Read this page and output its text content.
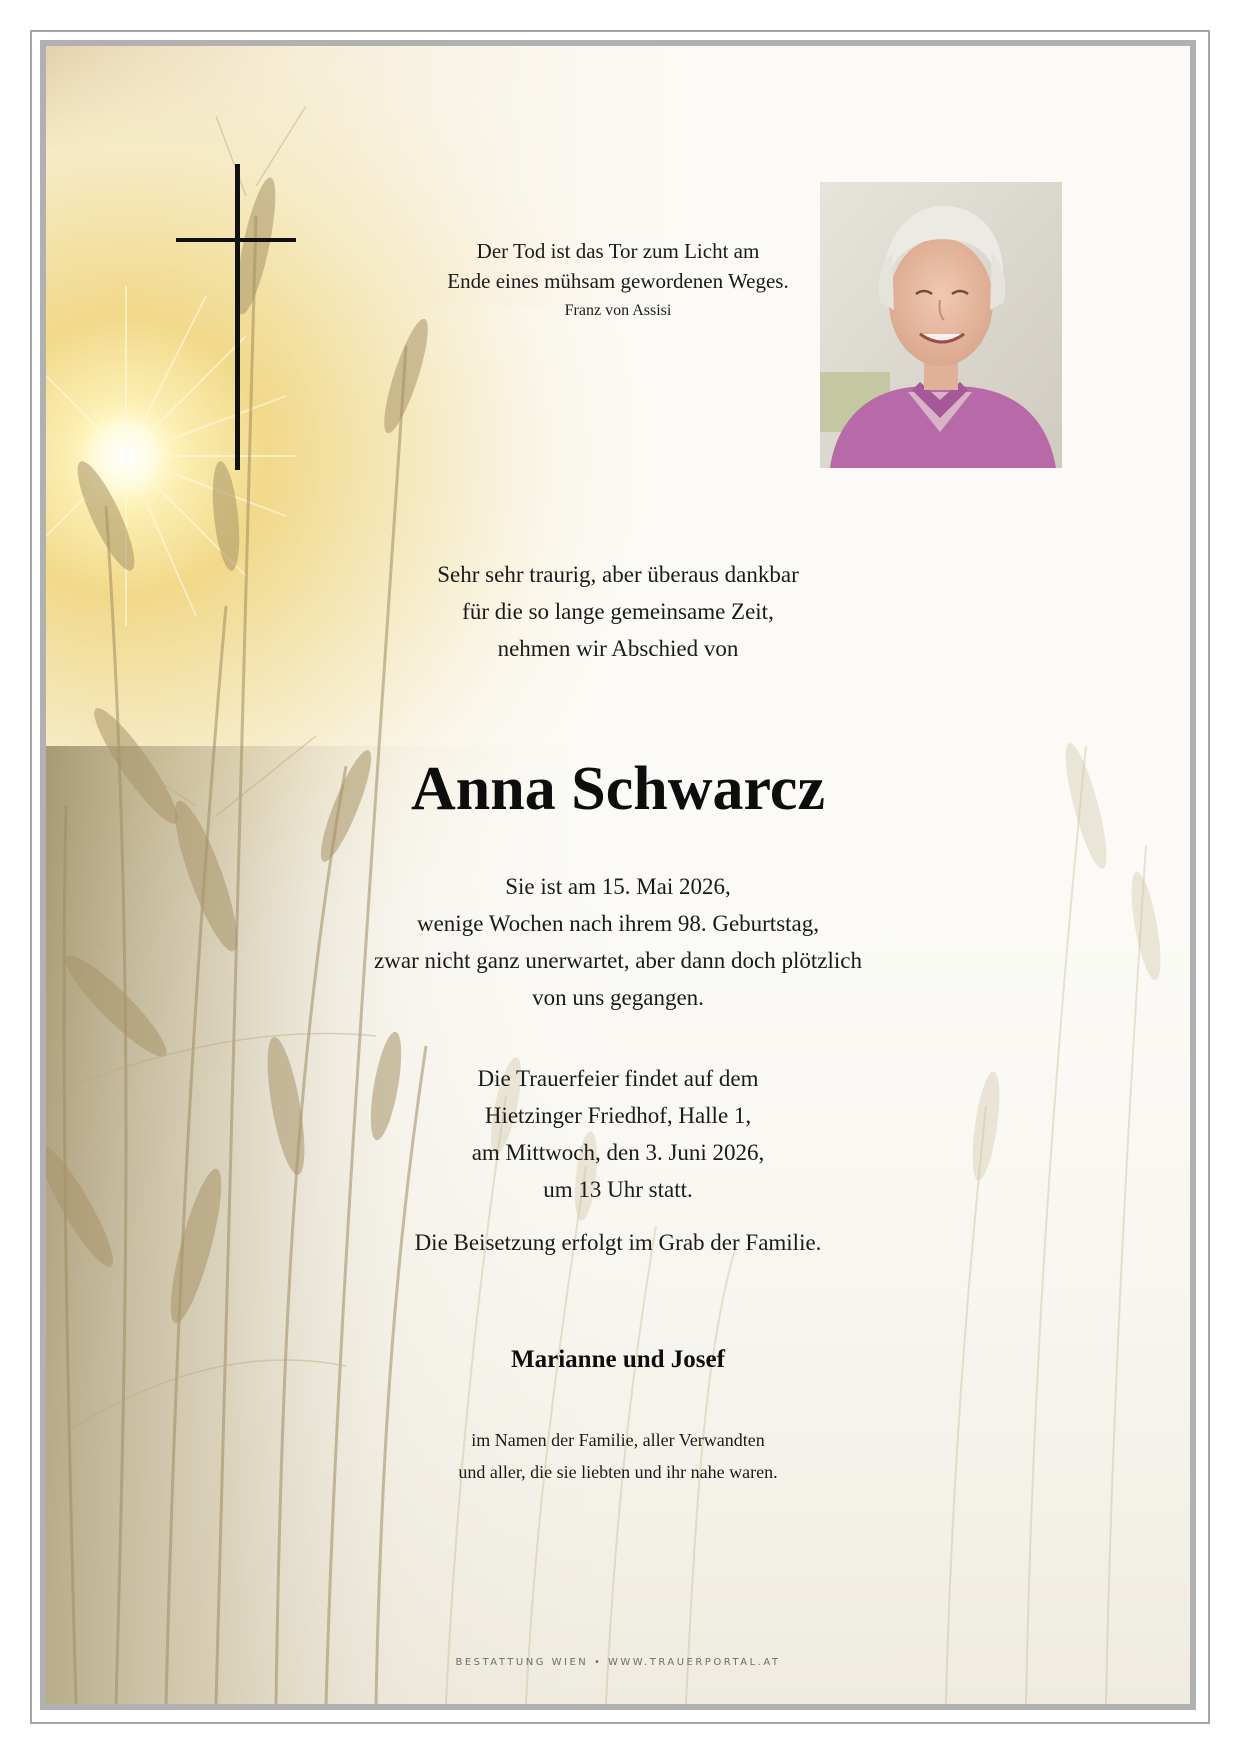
Der Tod ist das Tor zum Licht am
Ende eines mühsam gewordenen Weges.
Franz von Assisi
Sehr sehr traurig, aber überaus dankbar
für die so lange gemeinsame Zeit,
nehmen wir Abschied von
Anna Schwarcz
Sie ist am 15. Mai 2026,
wenige Wochen nach ihrem 98. Geburtstag,
zwar nicht ganz unerwartet, aber dann doch plötzlich
von uns gegangen.
Die Trauerfeier findet auf dem
Hietzinger Friedhof, Halle 1,
am Mittwoch, den 3. Juni 2026,
um 13 Uhr statt.
Die Beisetzung erfolgt im Grab der Familie.
Marianne und Josef
im Namen der Familie, aller Verwandten
und aller, die sie liebten und ihr nahe waren.
BESTATTUNG WIEN • WWW.TRAUERPORTAL.AT
